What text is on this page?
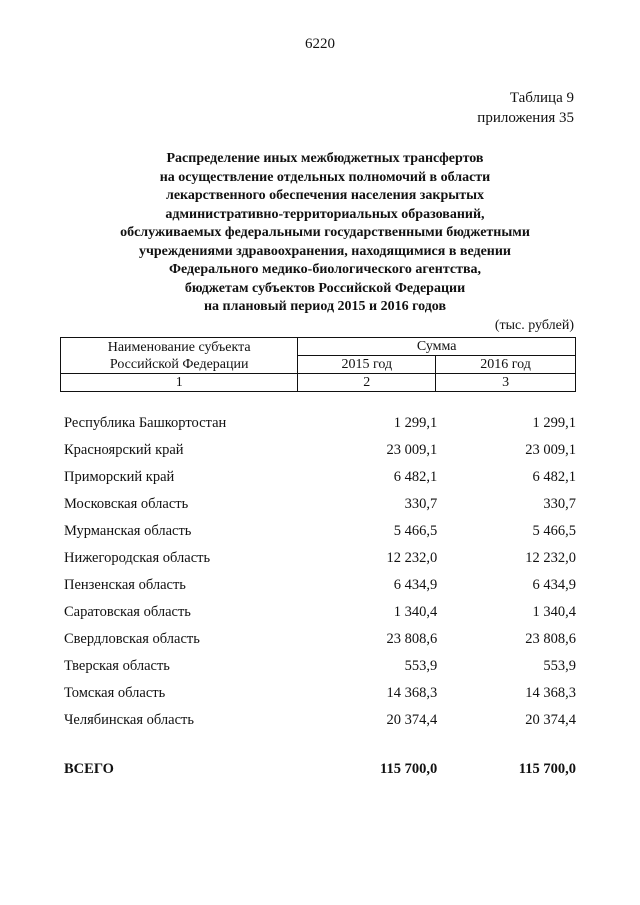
6220
Таблица 9
приложения 35
Распределение иных межбюджетных трансфертов
на осуществление отдельных полномочий в области
лекарственного обеспечения населения закрытых
административно-территориальных образований,
обслуживаемых федеральными государственными бюджетными
учреждениями здравоохранения, находящимися в ведении
Федерального медико-биологического агентства,
бюджетам субъектов Российской Федерации
на плановый период 2015 и 2016 годов
(тыс. рублей)
Наименование субъекта
Российской Федерации	Сумма	
	2015 год	2016 год
1	2	3
Республика Башкортостан	1 299,1	1 299,1
Красноярский край	23 009,1	23 009,1
Приморский край	6 482,1	6 482,1
Московская область	330,7	330,7
Мурманская область	5 466,5	5 466,5
Нижегородская область	12 232,0	12 232,0
Пензенская область	6 434,9	6 434,9
Саратовская область	1 340,4	1 340,4
Свердловская область	23 808,6	23 808,6
Тверская область	553,9	553,9
Томская область	14 368,3	14 368,3
Челябинская область	20 374,4	20 374,4
ВСЕГО	115 700,0	115 700,0
